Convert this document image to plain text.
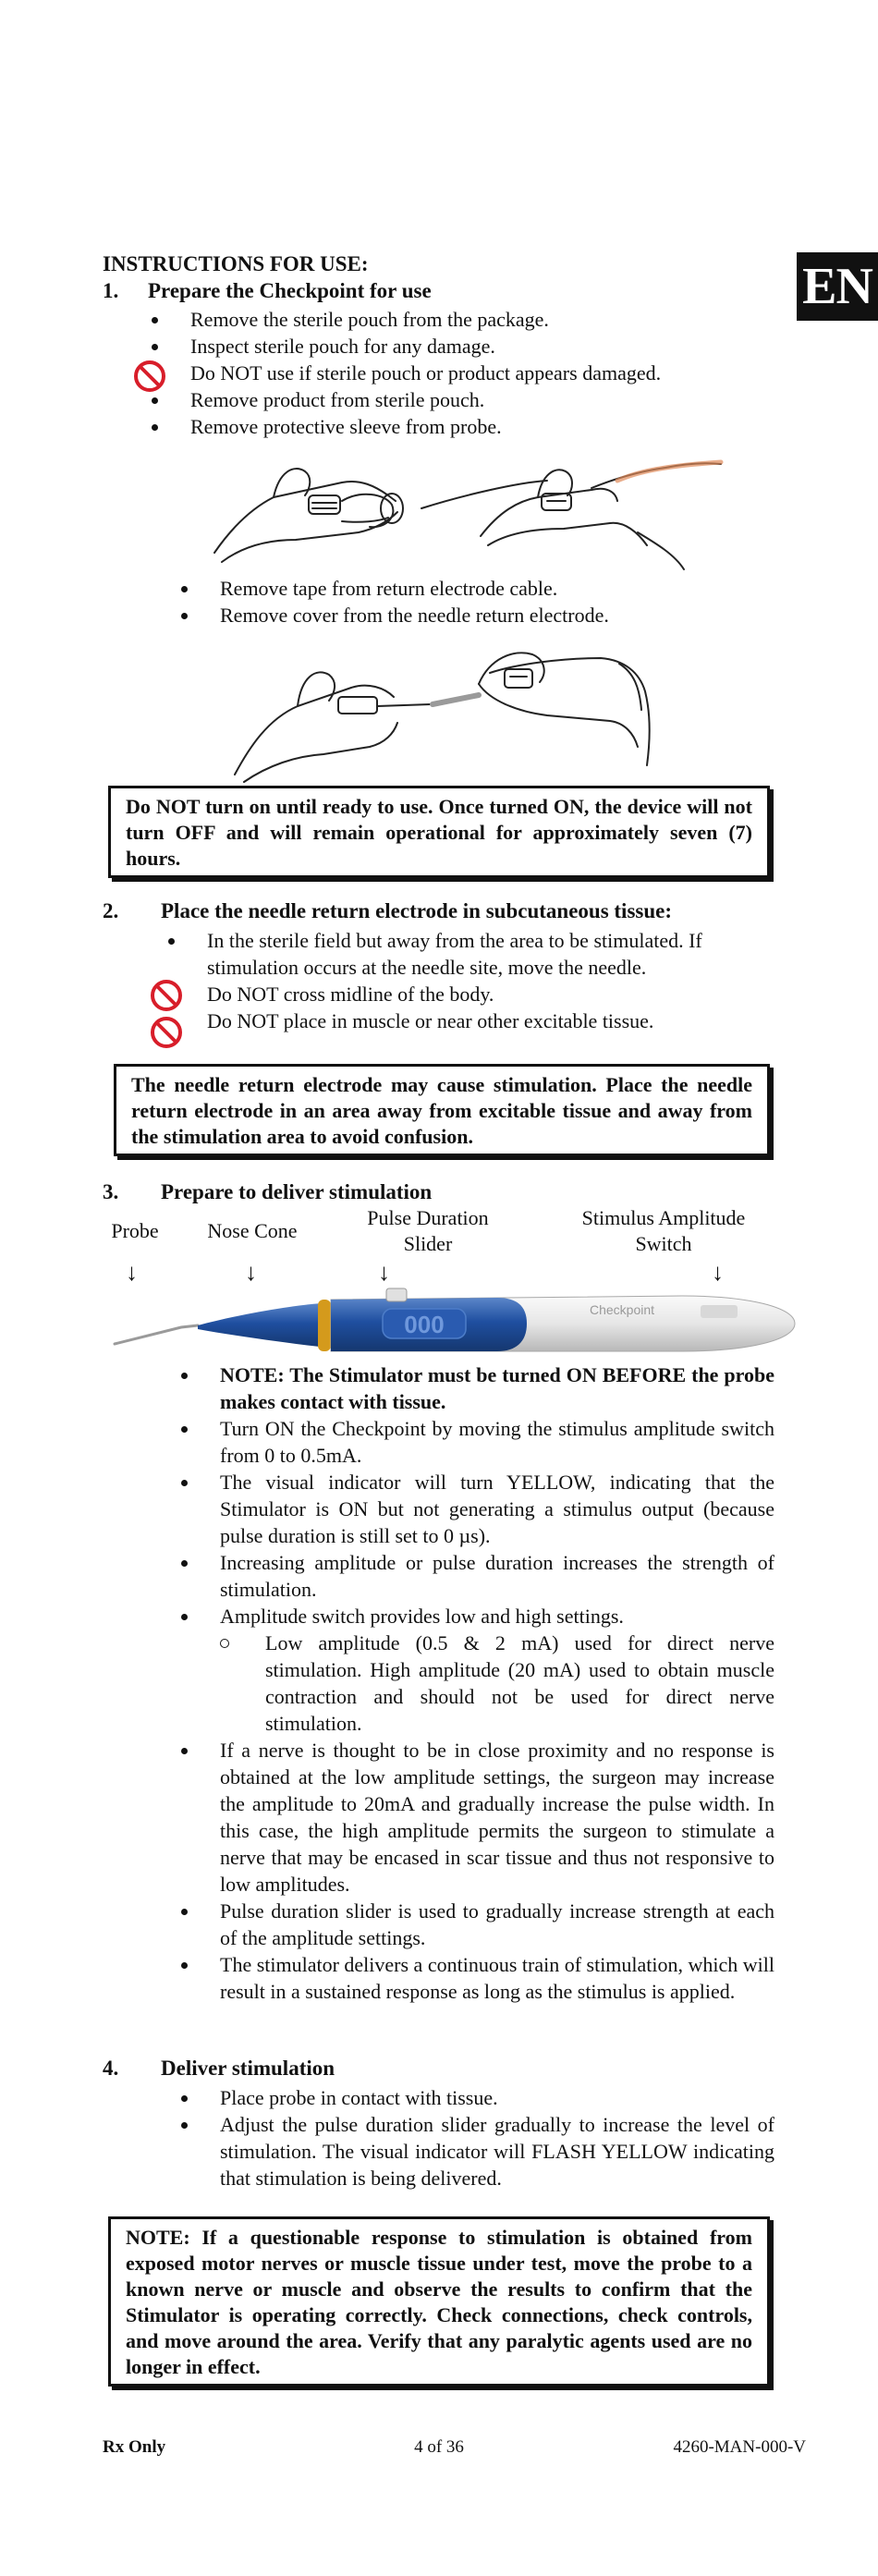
EN
INSTRUCTIONS FOR USE:
1. Prepare the Checkpoint for use
Remove the sterile pouch from the package.
Inspect sterile pouch for any damage.
Do NOT use if sterile pouch or product appears damaged.
Remove product from sterile pouch.
Remove protective sleeve from probe.
Remove tape from return electrode cable.
Remove cover from the needle return electrode.
Do NOT turn on until ready to use. Once turned ON, the device will not turn OFF and will remain operational for approximately seven (7) hours.
2. Place the needle return electrode in subcutaneous tissue:
In the sterile field but away from the area to be stimulated. If stimulation occurs at the needle site, move the needle.
Do NOT cross midline of the body.
Do NOT place in muscle or near other excitable tissue.
The needle return electrode may cause stimulation. Place the needle return electrode in an area away from excitable tissue and away from the stimulation area to avoid confusion.
3. Prepare to deliver stimulation
Probe	Nose Cone
Pulse Duration Slider
Stimulus Amplitude Switch
↓	↓	↓	↓
000
Checkpoint
NOTE: The Stimulator must be turned ON BEFORE the probe makes contact with tissue.
Turn ON the Checkpoint by moving the stimulus amplitude switch from 0 to 0.5mA.
The visual indicator will turn YELLOW, indicating that the Stimulator is ON but not generating a stimulus output (because pulse duration is still set to 0 µs).
Increasing amplitude or pulse duration increases the strength of stimulation.
Amplitude switch provides low and high settings.
Low amplitude (0.5 & 2 mA) used for direct nerve stimulation. High amplitude (20 mA) used to obtain muscle contraction and should not be used for direct nerve stimulation.
If a nerve is thought to be in close proximity and no response is obtained at the low amplitude settings, the surgeon may increase the amplitude to 20mA and gradually increase the pulse width. In this case, the high amplitude permits the surgeon to stimulate a nerve that may be encased in scar tissue and thus not responsive to low amplitudes.
Pulse duration slider is used to gradually increase strength at each of the amplitude settings.
The stimulator delivers a continuous train of stimulation, which will result in a sustained response as long as the stimulus is applied.
4. Deliver stimulation
Place probe in contact with tissue.
Adjust the pulse duration slider gradually to increase the level of stimulation. The visual indicator will FLASH YELLOW indicating that stimulation is being delivered.
NOTE: If a questionable response to stimulation is obtained from exposed motor nerves or muscle tissue under test, move the probe to a known nerve or muscle and observe the results to confirm that the Stimulator is operating correctly. Check connections, check controls, and move around the area. Verify that any paralytic agents used are no longer in effect.
Rx Only	4 of 36	4260-MAN-000-V
